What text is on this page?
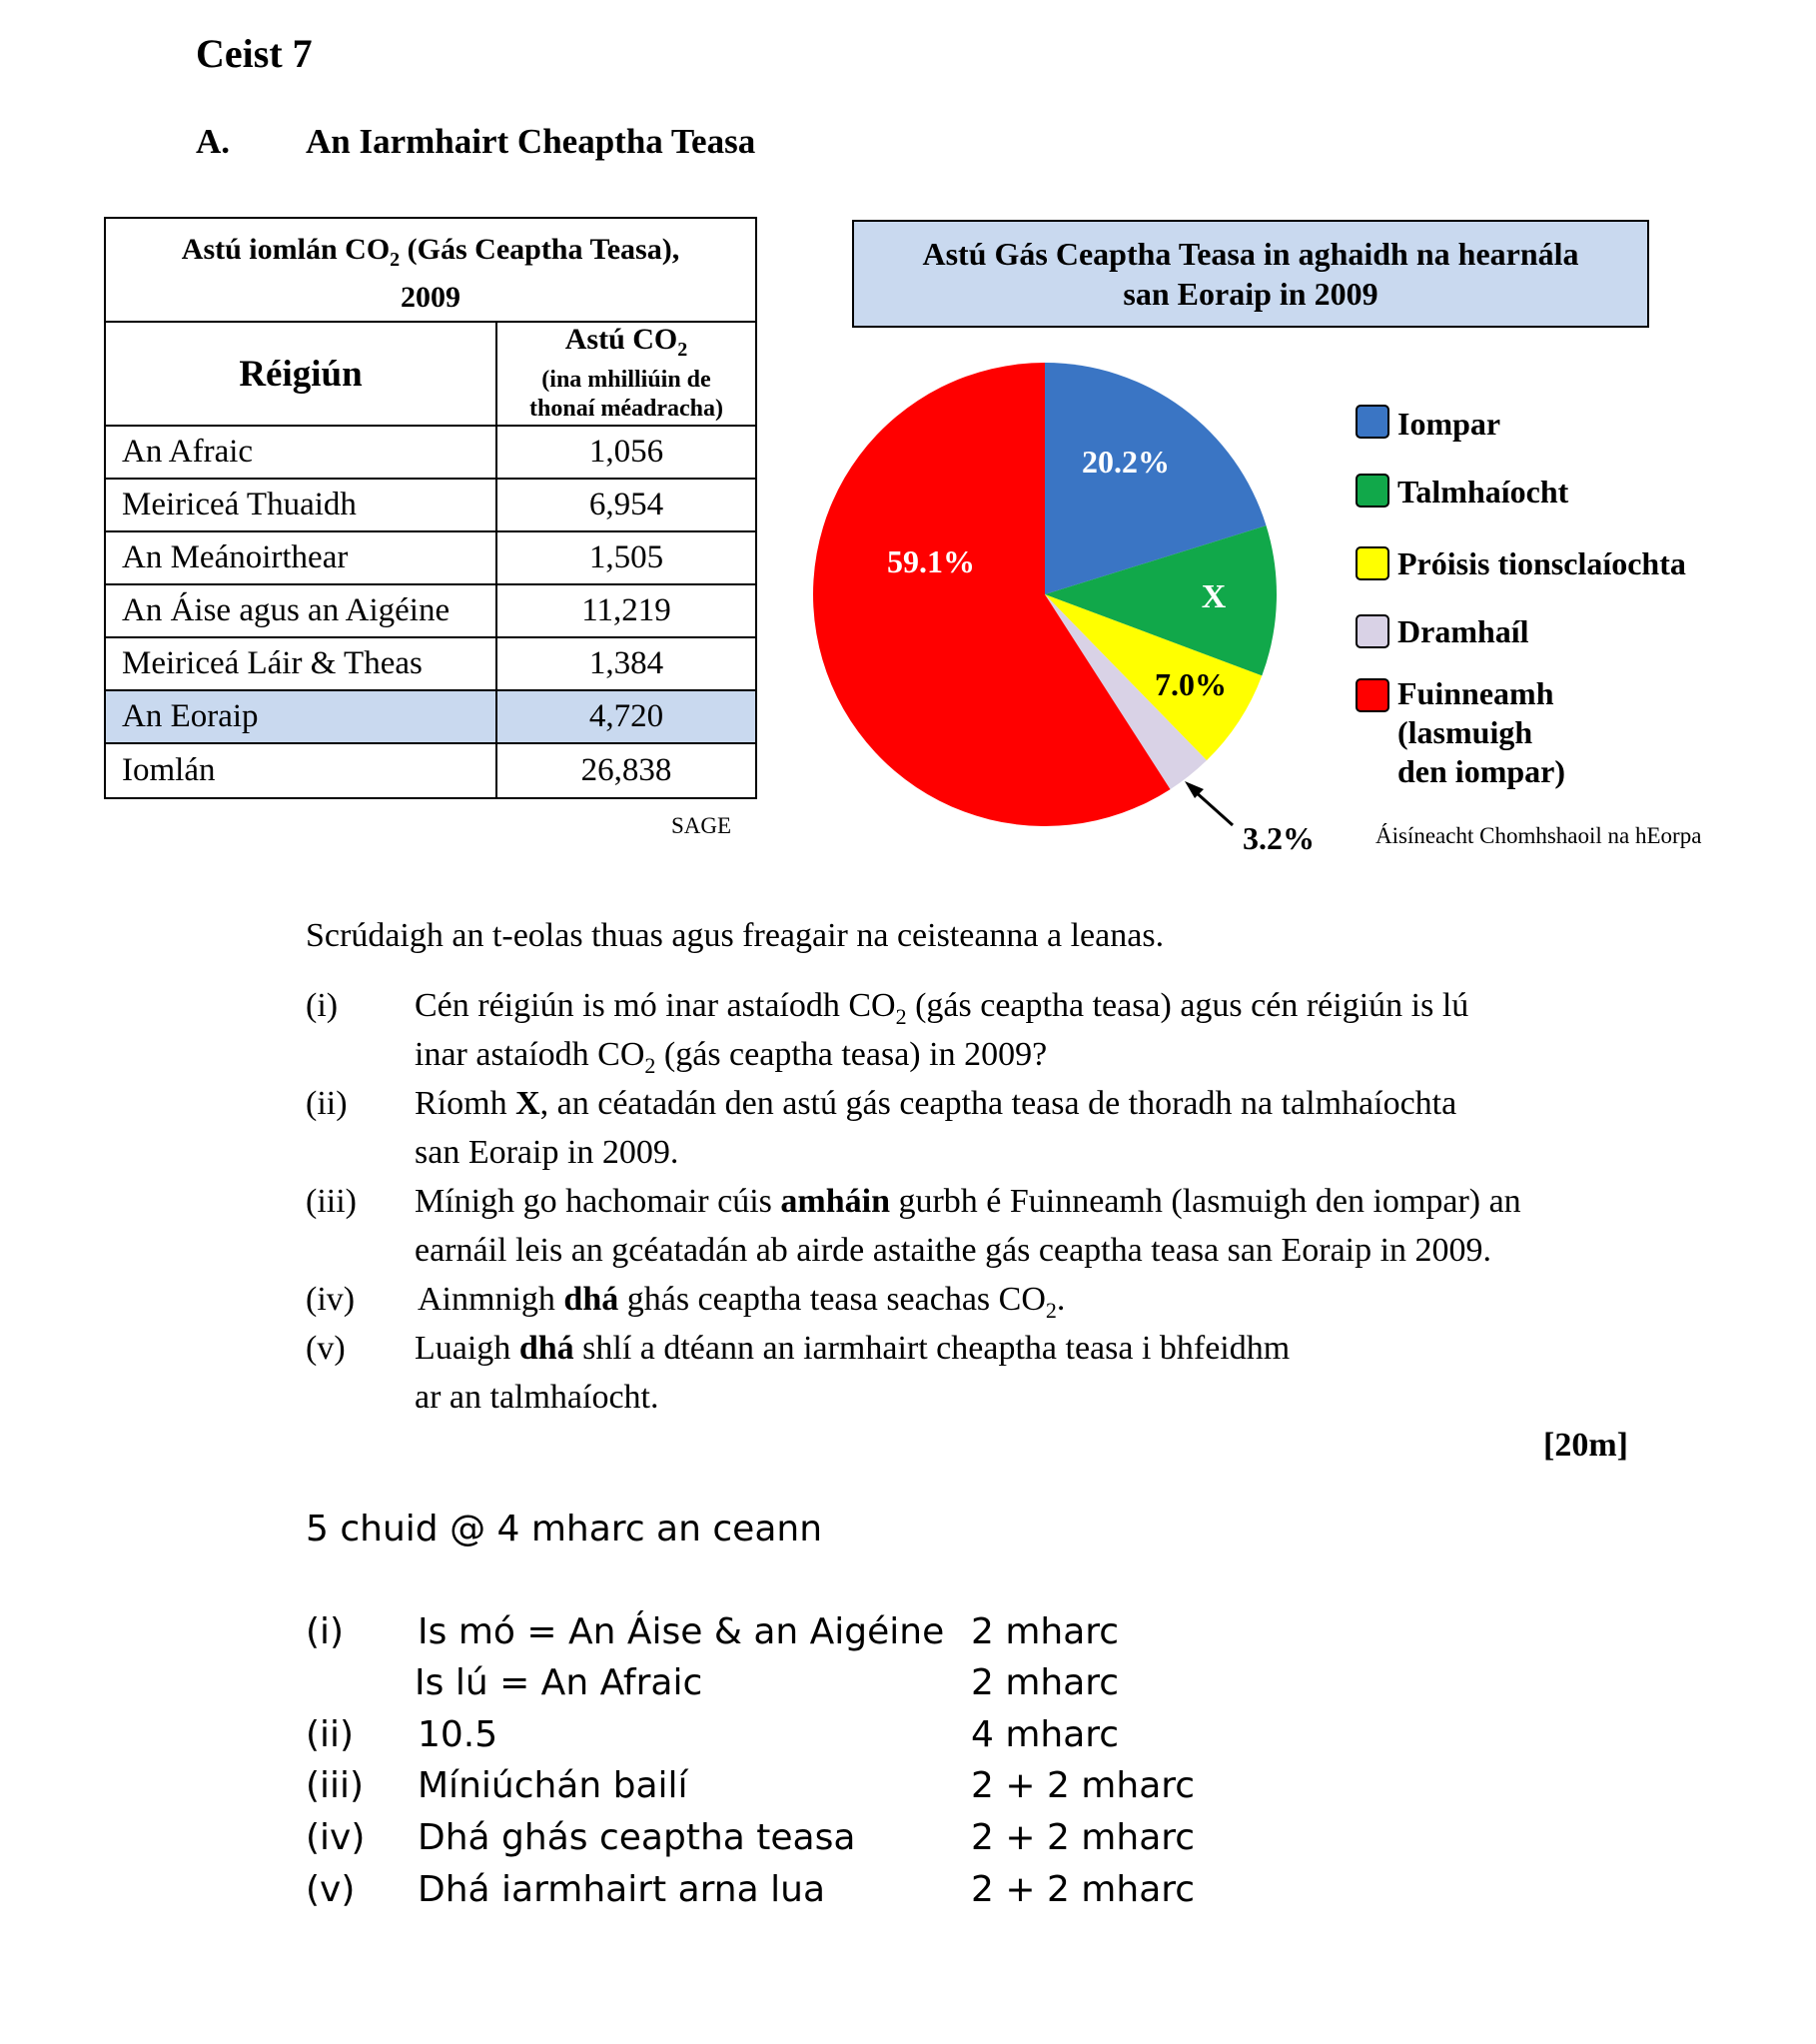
Ceist 7
A. An Iarmhairt Cheaptha Teasa
Astú iomlán $CO_2$ (Gás Ceaptha Teasa),
2009
Réigiún
Astú $CO_2$
(ina mhilliúin de
thonaí méadracha)
An Afraic	1,056
Meiriceá Thuaidh	6,954
An Meánoirthear	1,505
An Áise agus an Aigéine	11,219
Meiriceá Láir & Theas	1,384
An Eoraip	4,720
Iomlán	26,838
SAGE
Astú Gás Ceaptha Teasa in aghaidh na hearnála
san Eoraip in 2009
20.2%
X
7.0%
3.2%
59.1%
Iompar
Talmhaíocht
Próisis tionsclaíochta
Dramhaíl
Fuinneamh
(lasmuigh
den iompar)
Áisíneacht Chomhshaoil na hEorpa
Scrúdaigh an t-eolas thuas agus freagair na ceisteanna a leanas.
(i) Cén réigiún is mó inar astaíodh $CO_2$ (gás ceaptha teasa) agus cén réigiún is lú
inar astaíodh $CO_2$ (gás ceaptha teasa) in 2009?
(ii) Ríomh X, an céatadán den astú gás ceaptha teasa de thoradh na talmhaíochta
san Eoraip in 2009.
(iii) Mínigh go hachomair cúis amháin gurbh é Fuinneamh (lasmuigh den iompar) an
earnáil leis an gcéatadán ab airde astaithe gás ceaptha teasa san Eoraip in 2009.
(iv) Ainmnigh dhá ghás ceaptha teasa seachas $CO_2$.
(v) Luaigh dhá shlí a dtéann an iarmhairt cheaptha teasa i bhfeidhm
ar an talmhaíocht.
[20m]
5 chuid @ 4 mharc an ceann
(i) Is mó = An Áise & an Aigéine 2 mharc
Is lú = An Afraic	2 mharc
(ii) 10.5	4 mharc
(iii) Míniúchán bailí	2 + 2 mharc
(iv) Dhá ghás ceaptha teasa	2 + 2 mharc
(v) Dhá iarmhairt arna lua	2 + 2 mharc
